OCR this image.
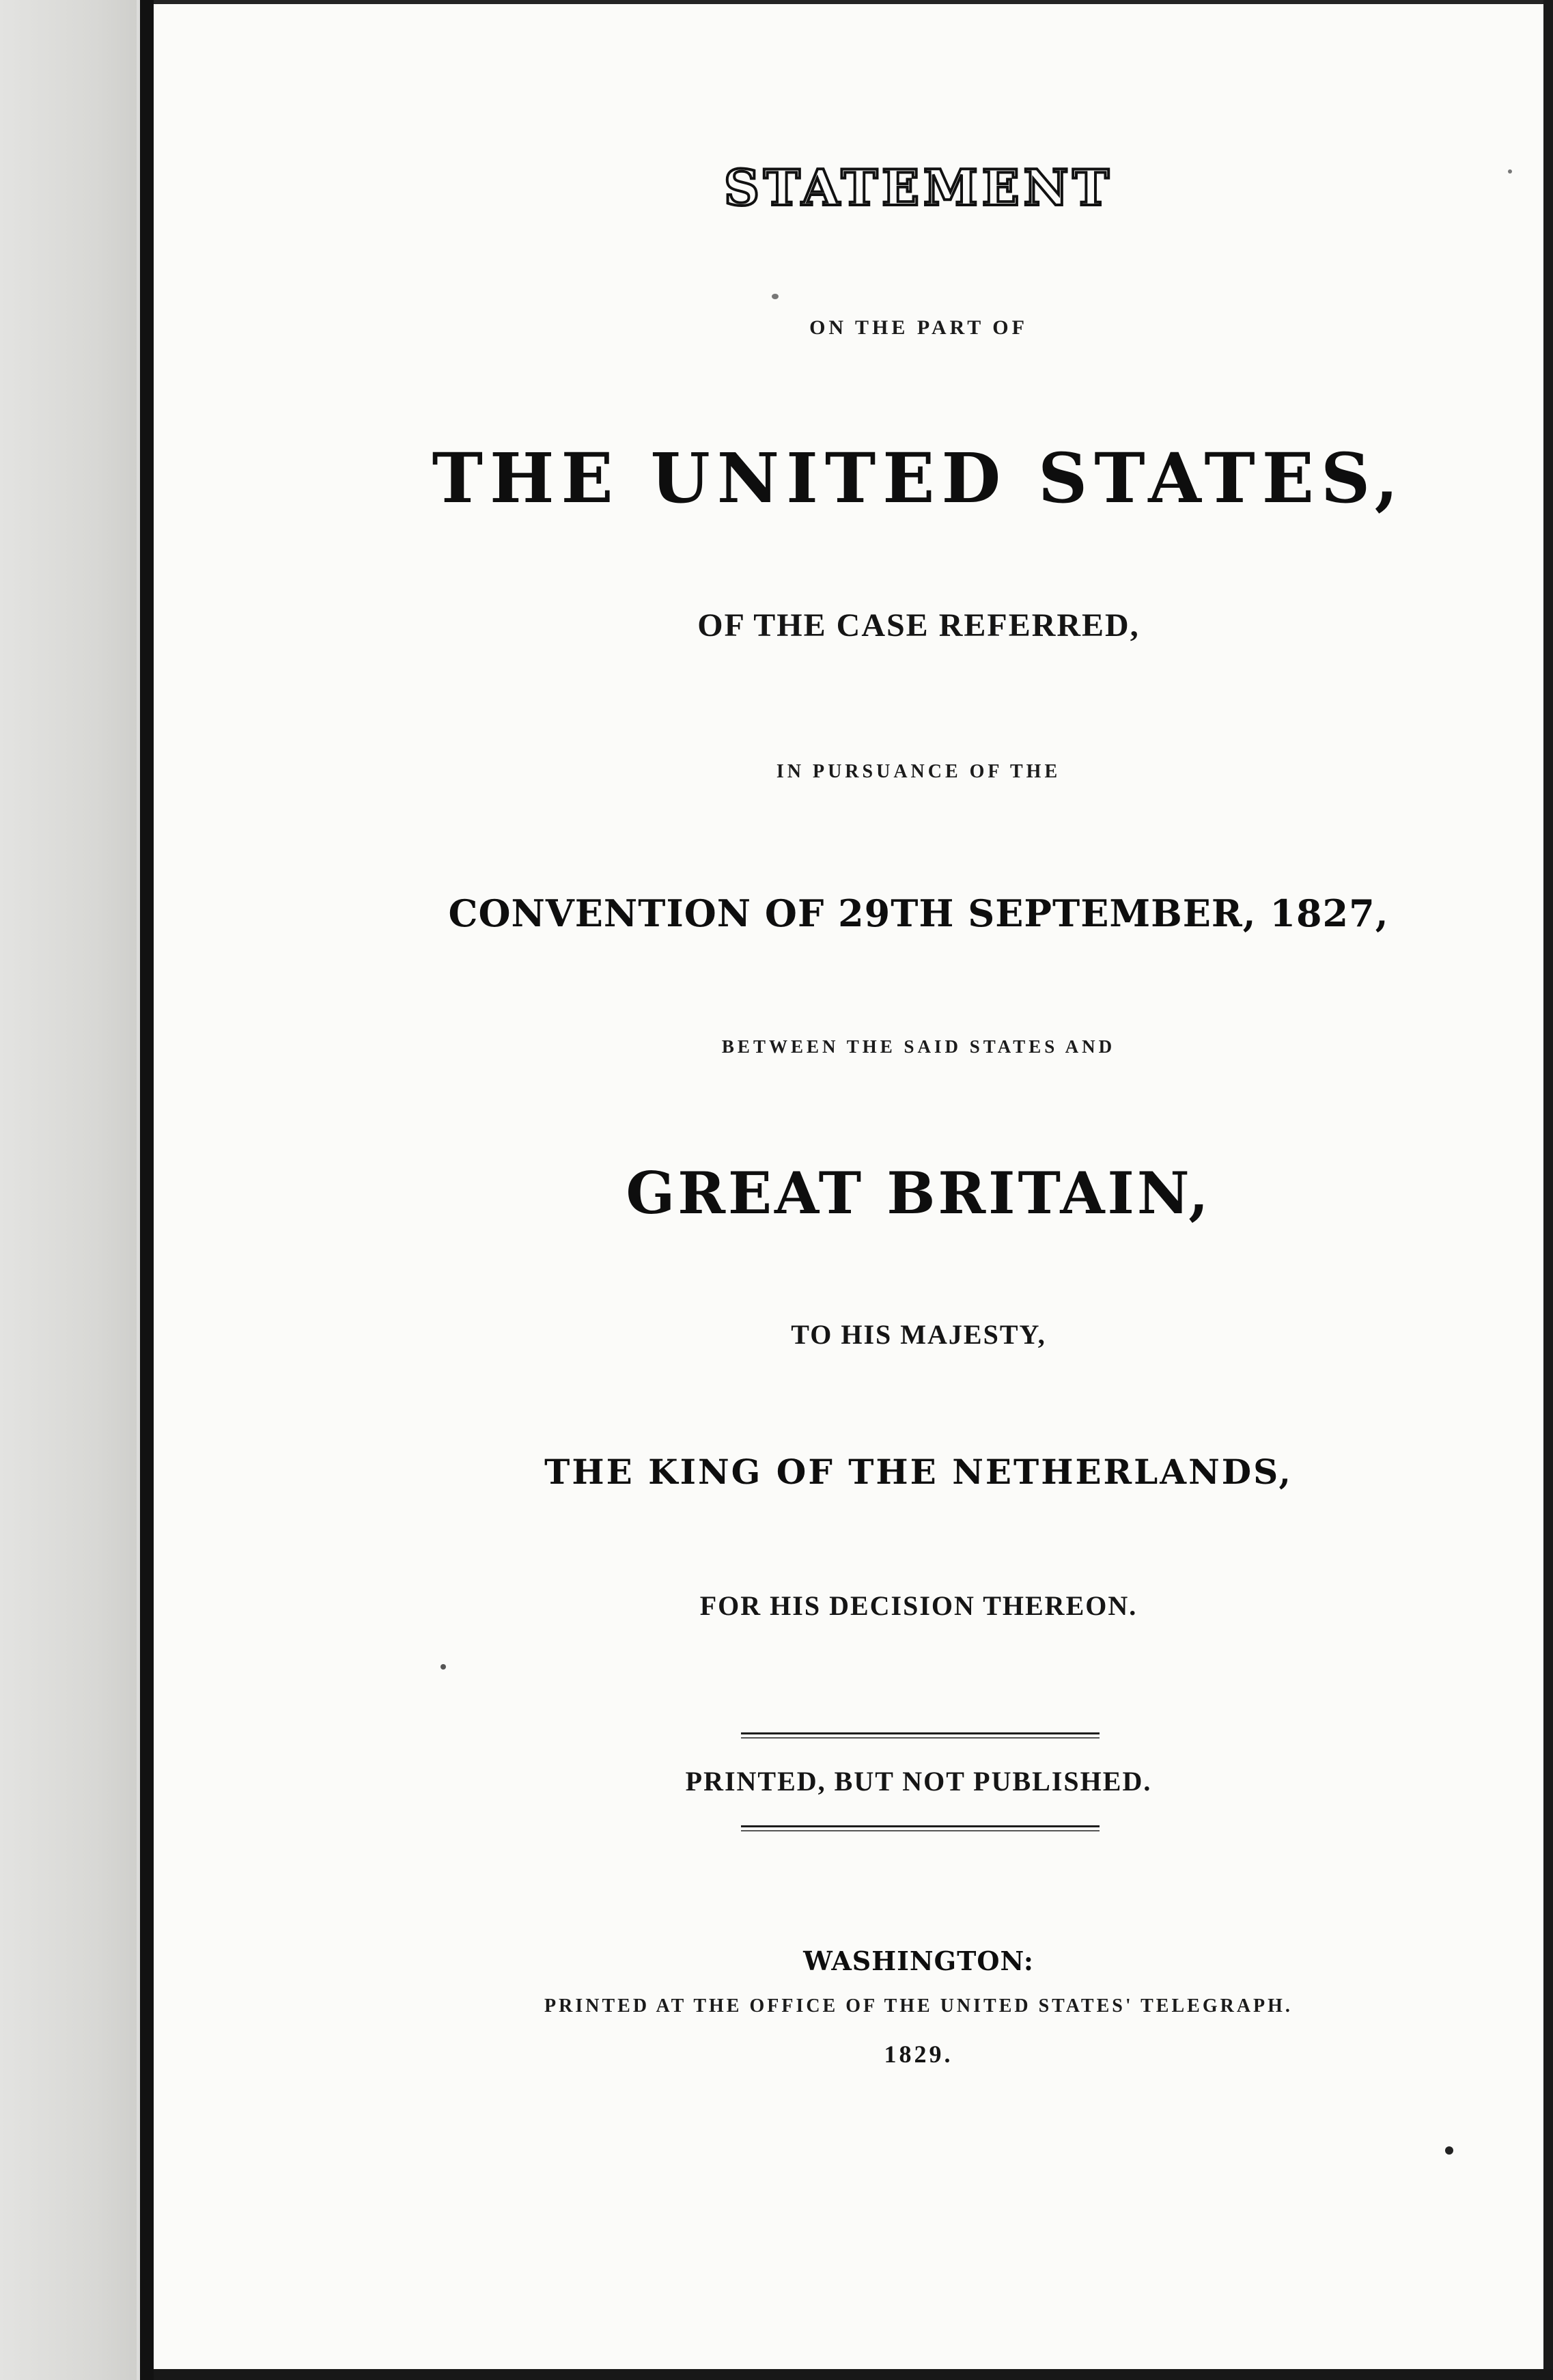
STATEMENT
ON THE PART OF
THE UNITED STATES,
OF THE CASE REFERRED,
IN PURSUANCE OF THE
CONVENTION OF 29TH SEPTEMBER, 1827,
BETWEEN THE SAID STATES AND
GREAT BRITAIN,
TO HIS MAJESTY,
THE KING OF THE NETHERLANDS,
FOR HIS DECISION THEREON.
PRINTED, BUT NOT PUBLISHED.
WASHINGTON:
PRINTED AT THE OFFICE OF THE UNITED STATES' TELEGRAPH.
1829.
